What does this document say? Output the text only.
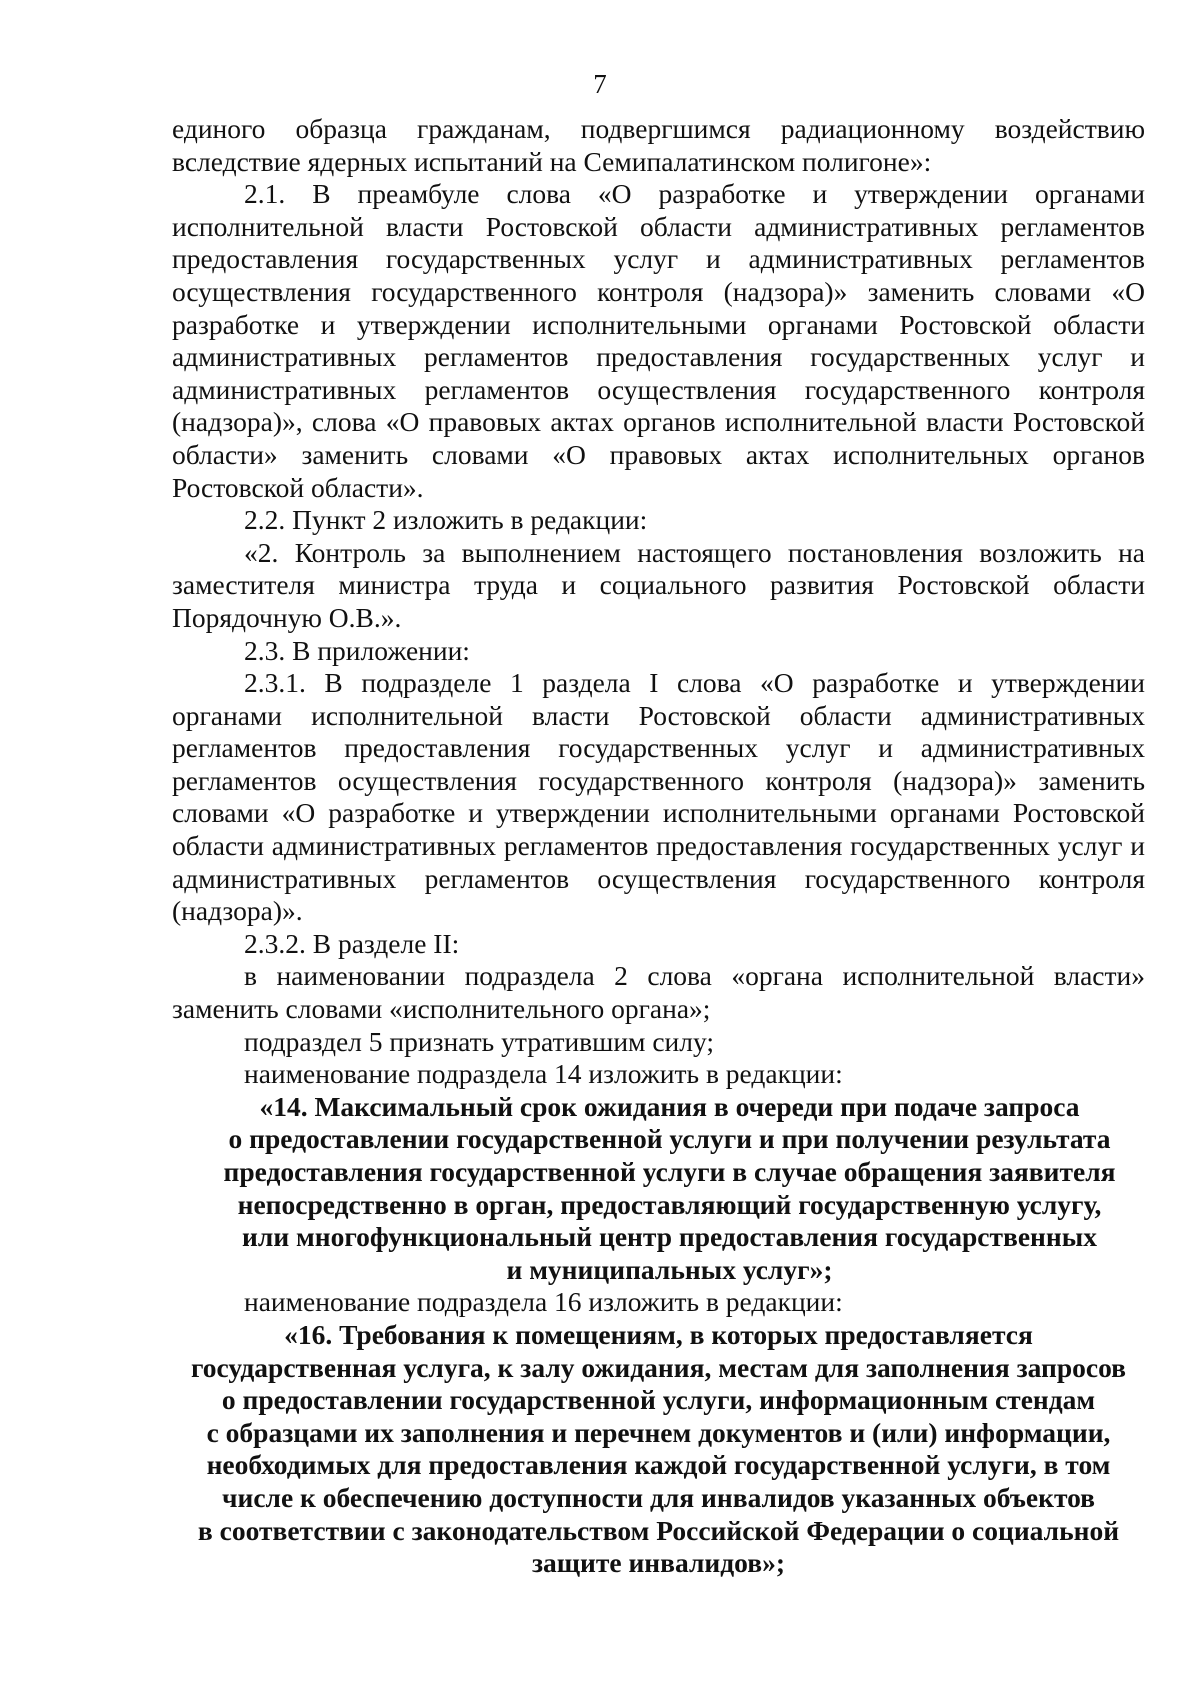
7

единого образца гражданам, подвергшимся радиационному воздействию вследствие ядерных испытаний на Семипалатинском полигоне»:

2.1. В преамбуле слова «О разработке и утверждении органами исполнительной власти Ростовской области административных регламентов предоставления государственных услуг и административных регламентов осуществления государственного контроля (надзора)» заменить словами «О разработке и утверждении исполнительными органами Ростовской области административных регламентов предоставления государственных услуг и административных регламентов осуществления государственного контроля (надзора)», слова «О правовых актах органов исполнительной власти Ростовской области» заменить словами «О правовых актах исполнительных органов Ростовской области».

2.2. Пункт 2 изложить в редакции:

«2. Контроль за выполнением настоящего постановления возложить на заместителя министра труда и социального развития Ростовской области Порядочную О.В.».

2.3. В приложении:

2.3.1. В подразделе 1 раздела I слова «О разработке и утверждении органами исполнительной власти Ростовской области административных регламентов предоставления государственных услуг и административных регламентов осуществления государственного контроля (надзора)» заменить словами «О разработке и утверждении исполнительными органами Ростовской области административных регламентов предоставления государственных услуг и административных регламентов осуществления государственного контроля (надзора)».

2.3.2. В разделе II:

в наименовании подраздела 2 слова «органа исполнительной власти» заменить словами «исполнительного органа»;

подраздел 5 признать утратившим силу;

наименование подраздела 14 изложить в редакции:

«14. Максимальный срок ожидания в очереди при подаче запроса
о предоставлении государственной услуги и при получении результата
предоставления государственной услуги в случае обращения заявителя
непосредственно в орган, предоставляющий государственную услугу,
или многофункциональный центр предоставления государственных
и муниципальных услуг»;

наименование подраздела 16 изложить в редакции:

«16. Требования к помещениям, в которых предоставляется
государственная услуга, к залу ожидания, местам для заполнения запросов
о предоставлении государственной услуги, информационным стендам
с образцами их заполнения и перечнем документов и (или) информации,
необходимых для предоставления каждой государственной услуги, в том
числе к обеспечению доступности для инвалидов указанных объектов
в соответствии с законодательством Российской Федерации о социальной
защите инвалидов»;
